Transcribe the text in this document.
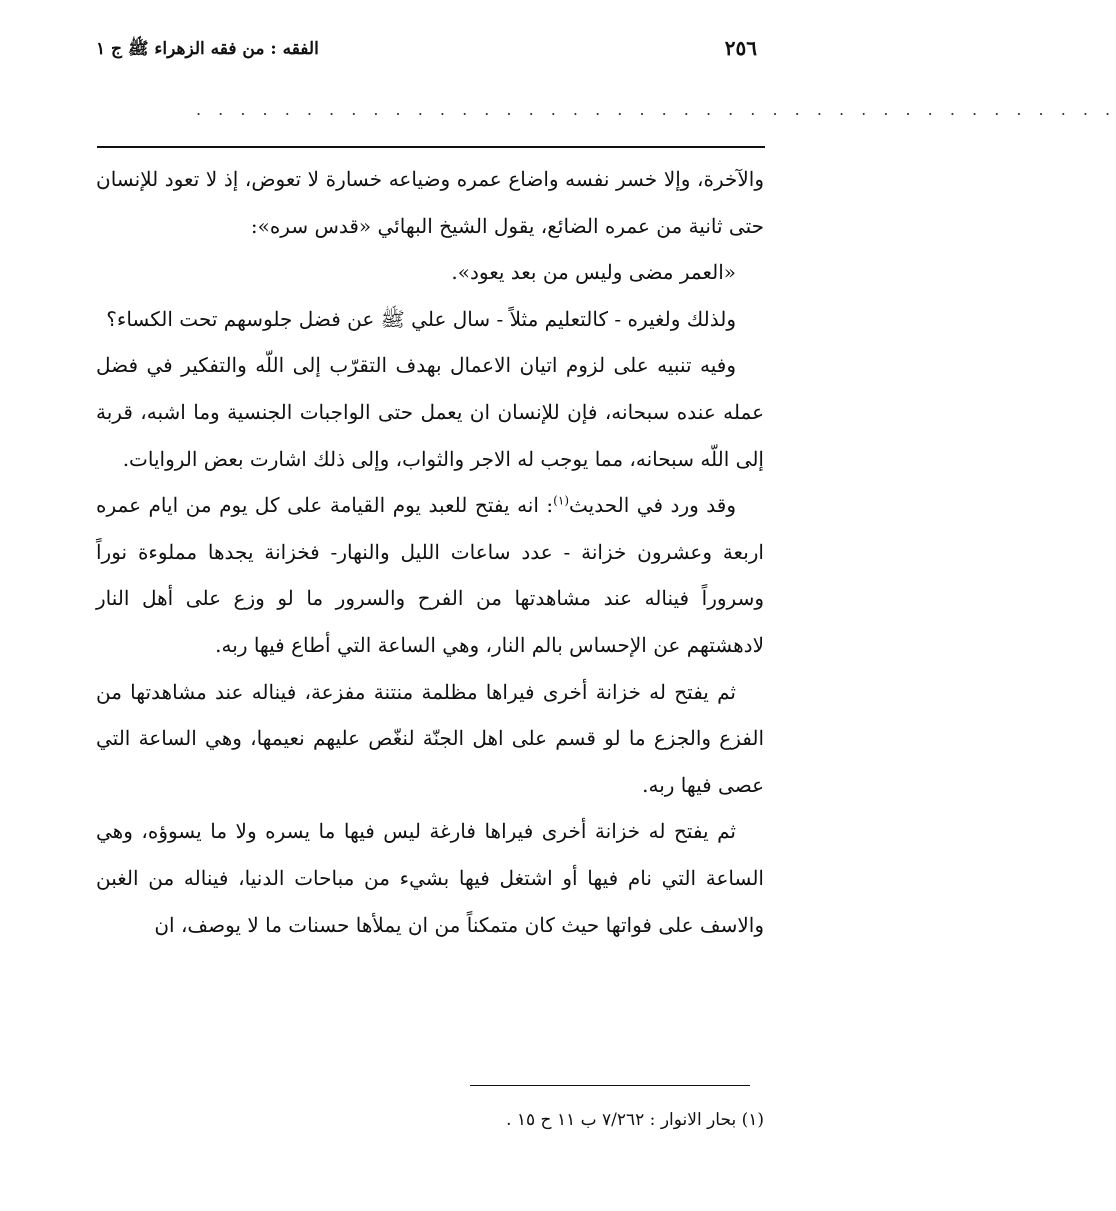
٢٥٦
الفقه : من فقه الزهراء ﷺ ج ١
. . . . . . . . . . . . . . . . . . . . . . . . . . . . . . . . . . . . . . . . . .

والآخرة، وإلا خسر نفسه واضاع عمره وضياعه خسارة لا تعوض، إذ لا تعود للإنسان حتى ثانية من عمره الضائع، يقول الشيخ البهائي «قدس سره»:

«العمر مضى وليس من بعد يعود».

ولذلك ولغيره - كالتعليم مثلاً - سال علي ﷺ عن فضل جلوسهم تحت الكساء؟

وفيه تنبيه على لزوم اتيان الاعمال بهدف التقرّب إلى اللّه والتفكير في فضل عمله عنده سبحانه، فإن للإنسان ان يعمل حتى الواجبات الجنسية وما اشبه، قربة إلى اللّه سبحانه، مما يوجب له الاجر والثواب، وإلى ذلك اشارت بعض الروايات.

وقد ورد في الحديث$^{(١)}$: انه يفتح للعبد يوم القيامة على كل يوم من ايام عمره اربعة وعشرون خزانة - عدد ساعات الليل والنهار- فخزانة يجدها مملوءة نوراً وسروراً فيناله عند مشاهدتها من الفرح والسرور ما لو وزع على أهل النار لادهشتهم عن الإحساس بالم النار، وهي الساعة التي أطاع فيها ربه.

ثم يفتح له خزانة أخرى فيراها مظلمة منتنة مفزعة، فيناله عند مشاهدتها من الفزع والجزع ما لو قسم على اهل الجنّة لنغّص عليهم نعيمها، وهي الساعة التي عصى فيها ربه.

ثم يفتح له خزانة أخرى فيراها فارغة ليس فيها ما يسره ولا ما يسوؤه، وهي الساعة التي نام فيها أو اشتغل فيها بشيء من مباحات الدنيا، فيناله من الغبن والاسف على فواتها حيث كان متمكناً من ان يملأها حسنات ما لا يوصف، ان

(١) بحار الانوار : ٧/٢٦٢ ب ١١ ح ١٥ .
